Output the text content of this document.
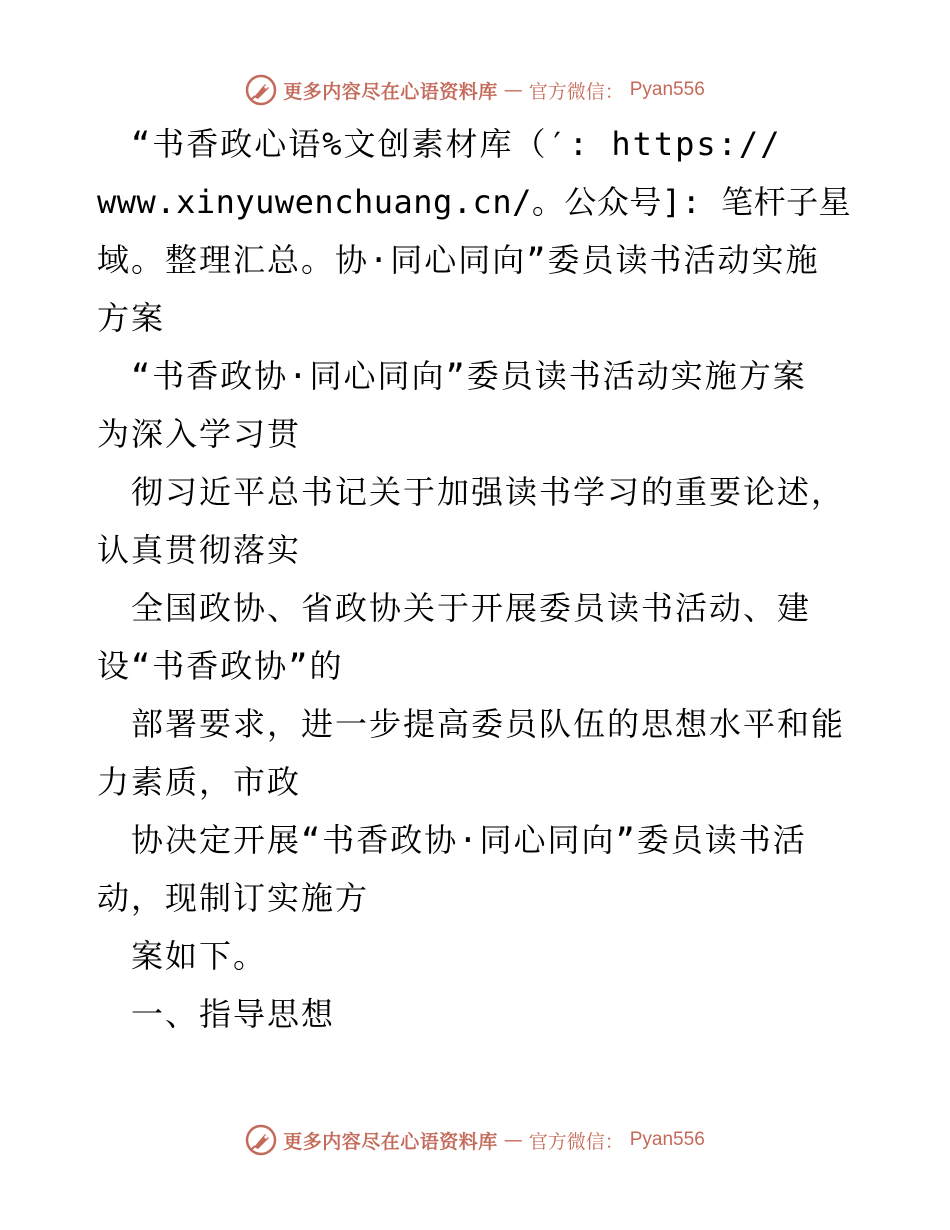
更多内容尽在心语资料库 — 官方微信： Pyan556
　“书香政心语%文创素材库（′: https://
www.xinyuwenchuang.cn/。公众号]: 笔杆子星
域。整理汇总。协·同心同向”委员读书活动实施
方案
　“书香政协·同心同向”委员读书活动实施方案
为深入学习贯
　彻习近平总书记关于加强读书学习的重要论述，
认真贯彻落实
　全国政协、省政协关于开展委员读书活动、建
设“书香政协”的
　部署要求，进一步提高委员队伍的思想水平和能
力素质，市政
　协决定开展“书香政协·同心同向”委员读书活
动，现制订实施方
　案如下。
　一、指导思想
更多内容尽在心语资料库 — 官方微信： Pyan556
